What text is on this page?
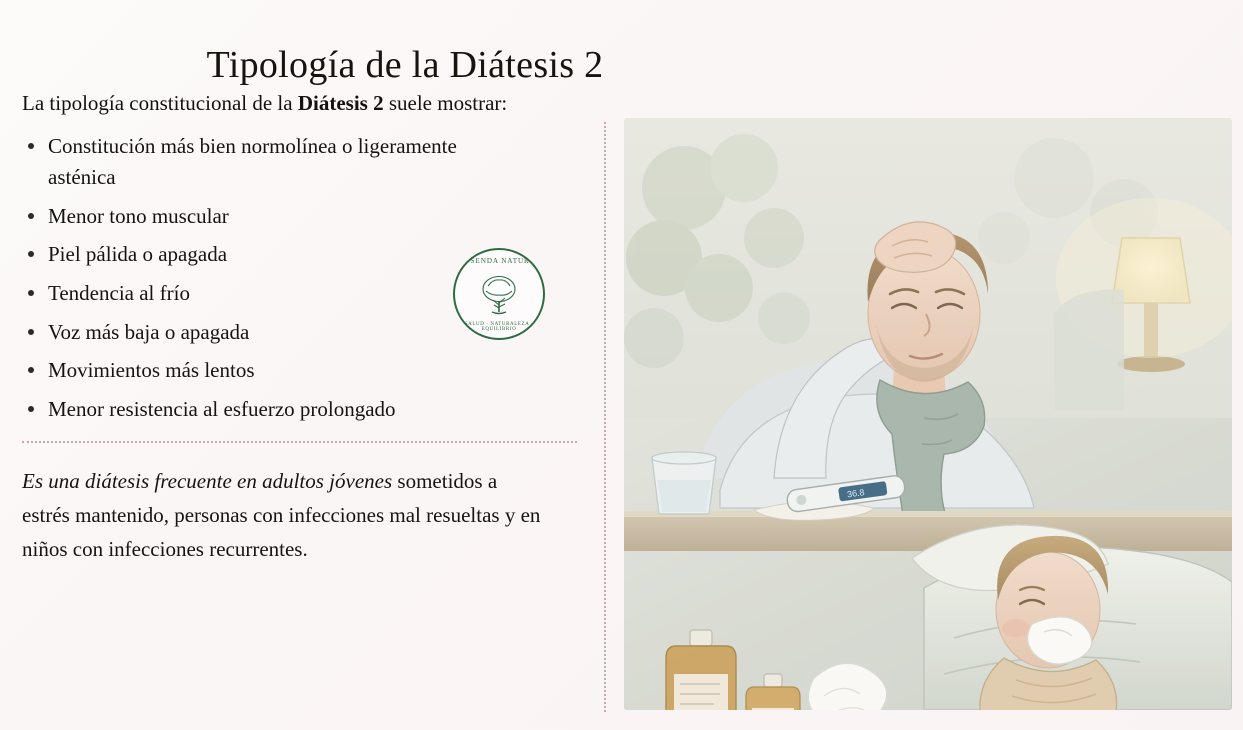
Tipología de la Diátesis 2

La tipología constitucional de la Diátesis 2 suele mostrar:

Constitución más bien normolínea o ligeramente asténica
Menor tono muscular
Piel pálida o apagada
Tendencia al frío
Voz más baja o apagada
Movimientos más lentos
Menor resistencia al esfuerzo prolongado

Es una diátesis frecuente en adultos jóvenes sometidos a estrés mantenido, personas con infecciones mal resueltas y en niños con infecciones recurrentes.

LA SENDA NATURAL
SALUD · NATURALEZA · EQUILIBRIO
36.8
